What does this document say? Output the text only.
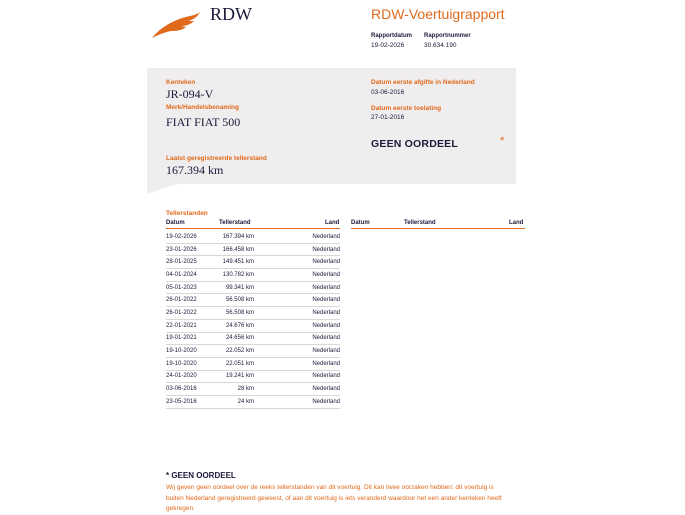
RDW	RDW-Voertuigrapport
Rapportdatum
19-02-2026
Rapportnummer
30.634.190
Kenteken
JR-094-V
Merk/Handelsbenaming
FIAT FIAT 500
Laatst geregistreerde tellerstand
167.394 km
Datum eerste afgifte in Nederland
03-06-2016
Datum eerste toelating
27-01-2016
GEEN OORDEEL	*
Tellerstanden
Datum	Tellerstand	Land Datum	Tellerstand	Land
19-02-2026	167.394 km	Nederland
23-01-2026	166.458 km	Nederland
28-01-2025	149.451 km	Nederland
04-01-2024	130.782 km	Nederland
05-01-2023	99.341 km	Nederland
26-01-2022	56.508 km	Nederland
26-01-2022	56.508 km	Nederland
22-01-2021	24.676 km	Nederland
19-01-2021	24.656 km	Nederland
19-10-2020	22.052 km	Nederland
19-10-2020	22.051 km	Nederland
24-01-2020	19.241 km	Nederland
03-06-2016	28 km	Nederland
23-05-2016	24 km	Nederland
* GEEN OORDEEL
Wij geven geen oordeel over de reeks tellerstanden van dit voertuig. Dit kan twee oorzaken hebben: dit voertuig is buiten Nederland geregistreerd geweest, of aan dit voertuig is iets veranderd waardoor het een ander kenteken heeft gekregen.
